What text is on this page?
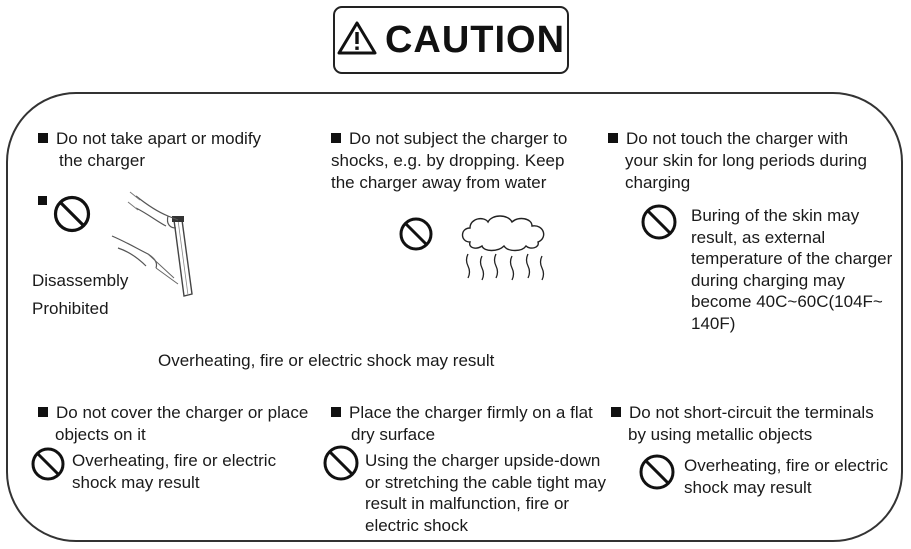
CAUTION
Do not take apart or modify
the charger
Disassembly
Prohibited
Do not subject the charger to
shocks, e.g. by dropping. Keep
the charger away from water
Do not touch the charger with
your skin for long periods during
charging
Buring of the skin may
result, as external
temperature of the charger
during charging may
become 40C~60C(104F~
140F)
Overheating, fire or electric shock may result
Do not cover the charger or place
objects on it
Overheating, fire or electric
shock may result
Place the charger firmly on a flat
dry surface
Using the charger upside-down
or stretching the cable tight may
result in malfunction, fire or
electric shock
Do not short-circuit the terminals
by using metallic objects
Overheating, fire or electric
shock may result
